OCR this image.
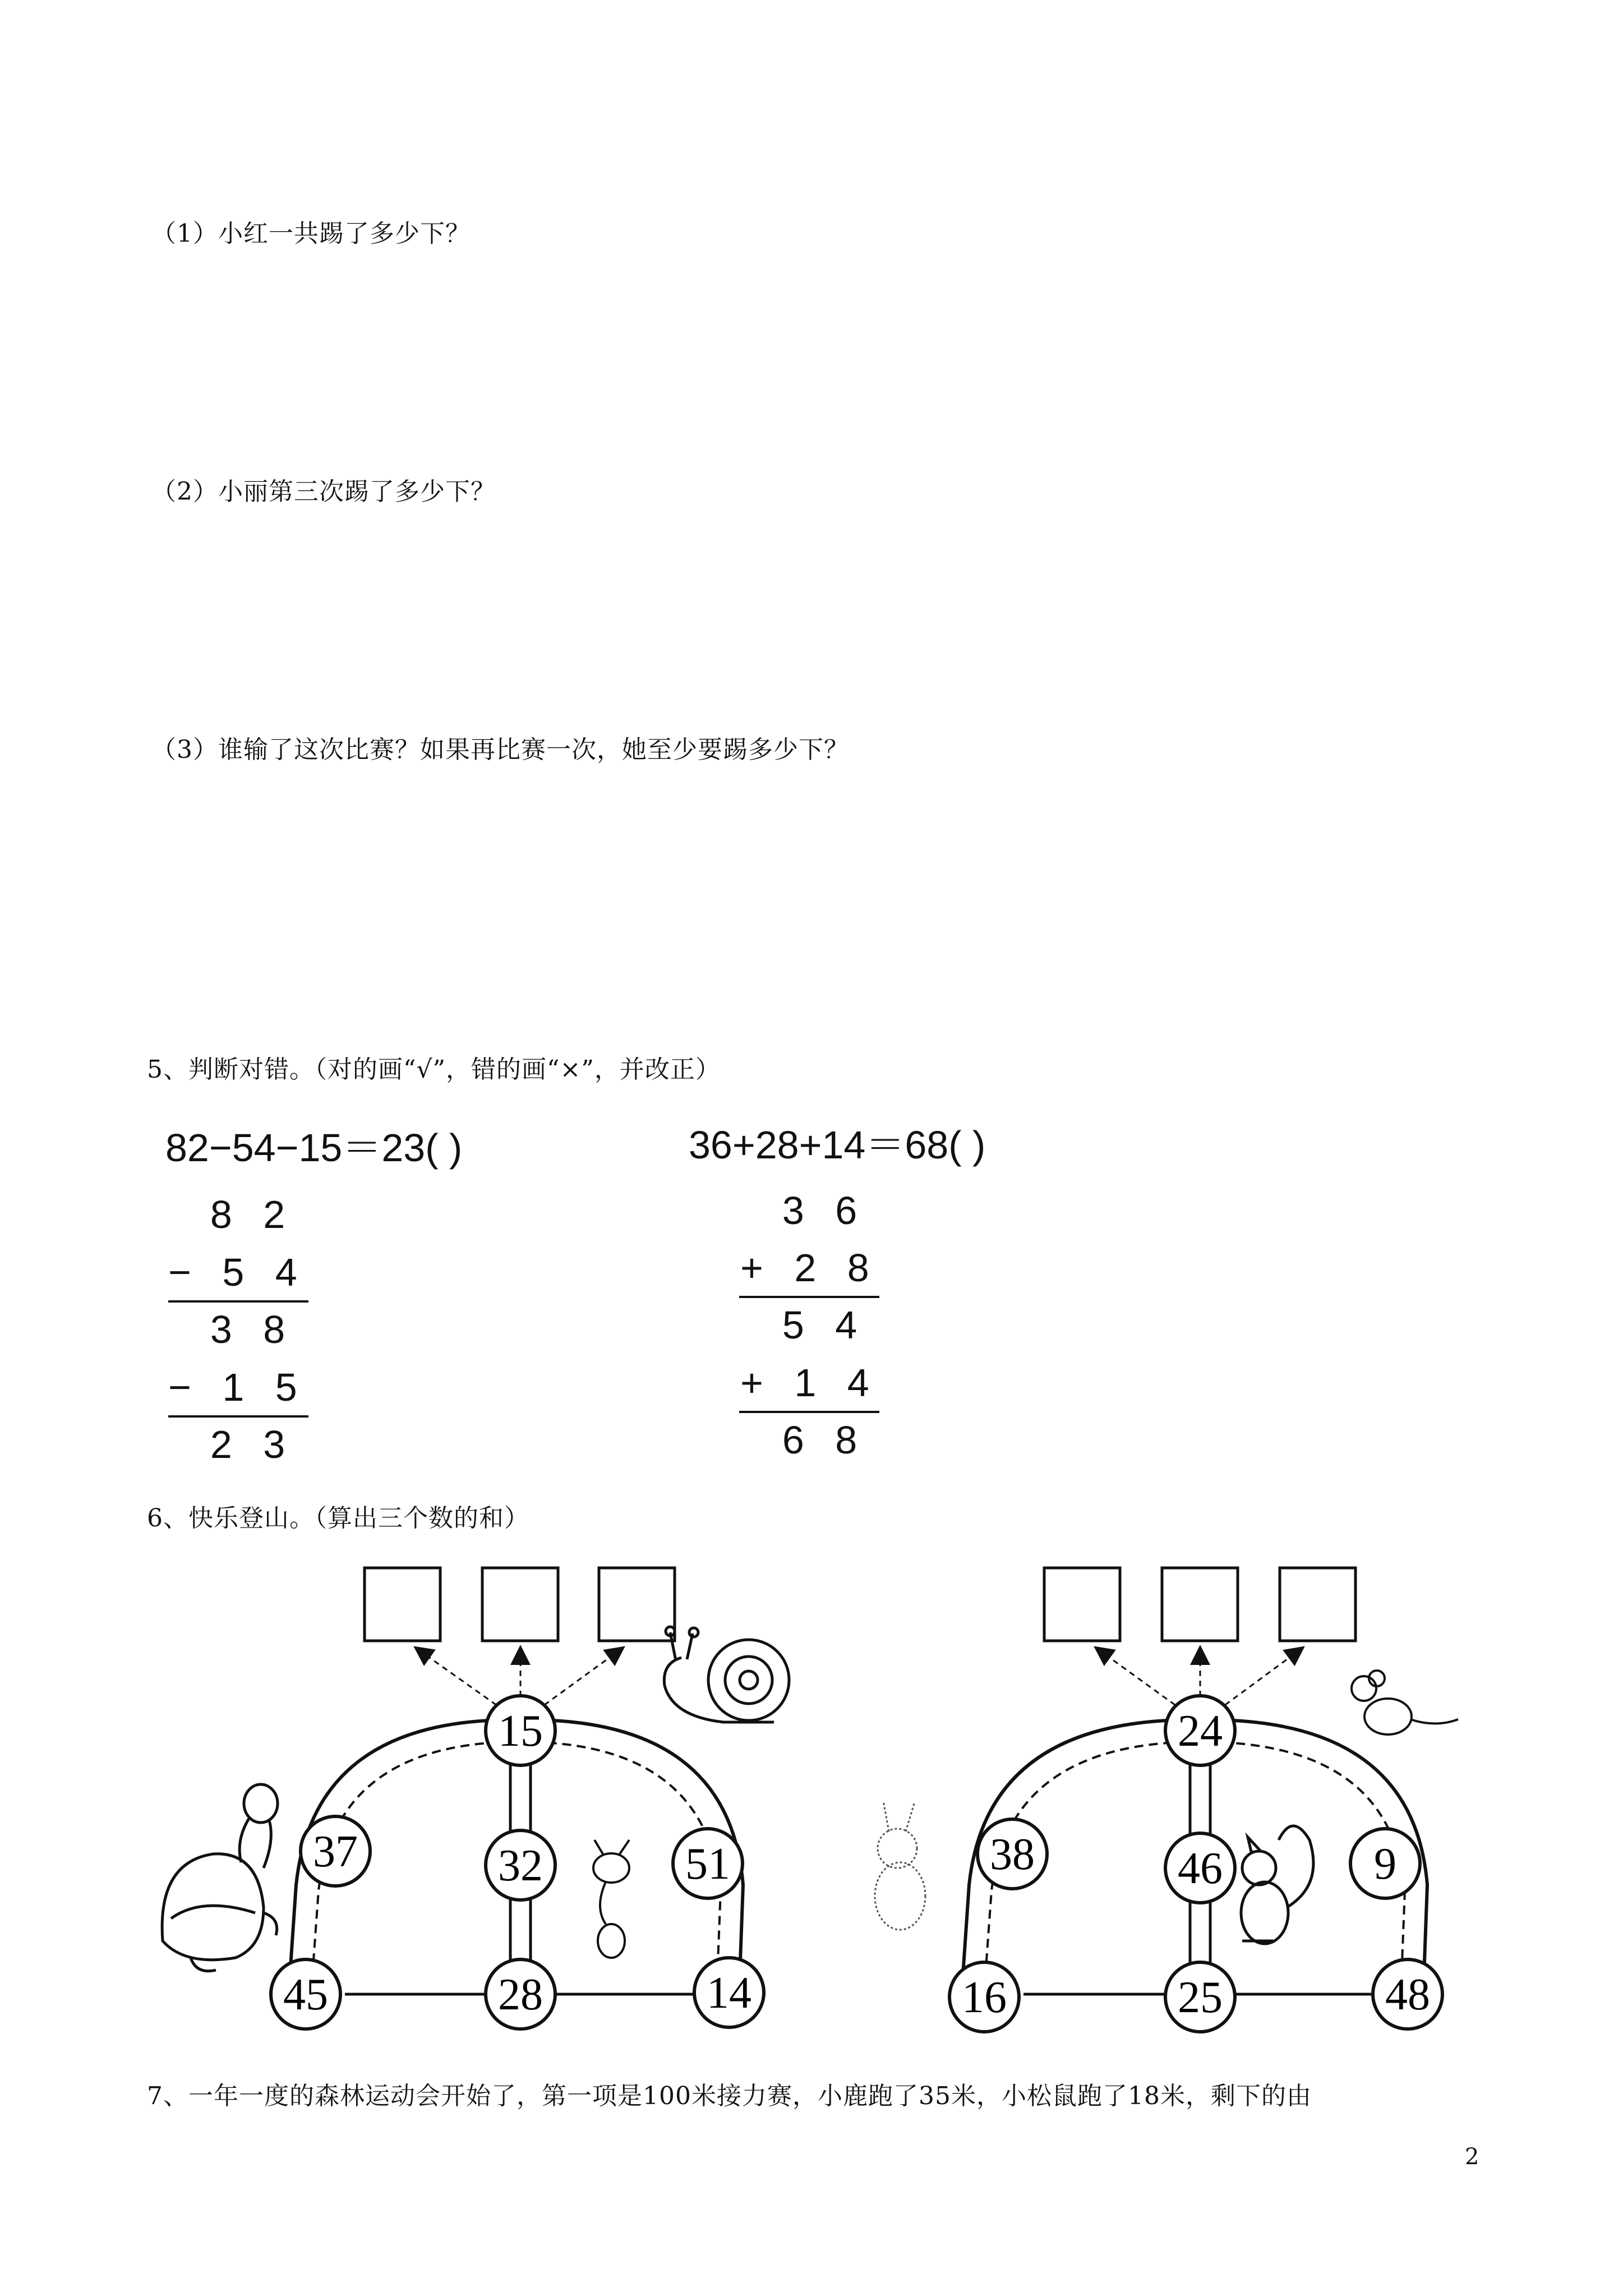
（1）小红一共踢了多少下？
（2）小丽第三次踢了多少下？
（3）谁输了这次比赛？如果再比赛一次，她至少要踢多少下？
5、判断对错。（对的画“√”，错的画“×”，并改正）
82−54−15＝23( )	36+28+14＝68( )
8 2
− 5 4
3 8
− 1 5
2 3
3 6
+ 2 8
5 4
+ 1 4
6 8
6、快乐登山。（算出三个数的和）
15
37	32	51
45	28	14
24
38	46	9
16	25	48
7、一年一度的森林运动会开始了，第一项是100米接力赛，小鹿跑了35米，小松鼠跑了18米，剩下的由
2
